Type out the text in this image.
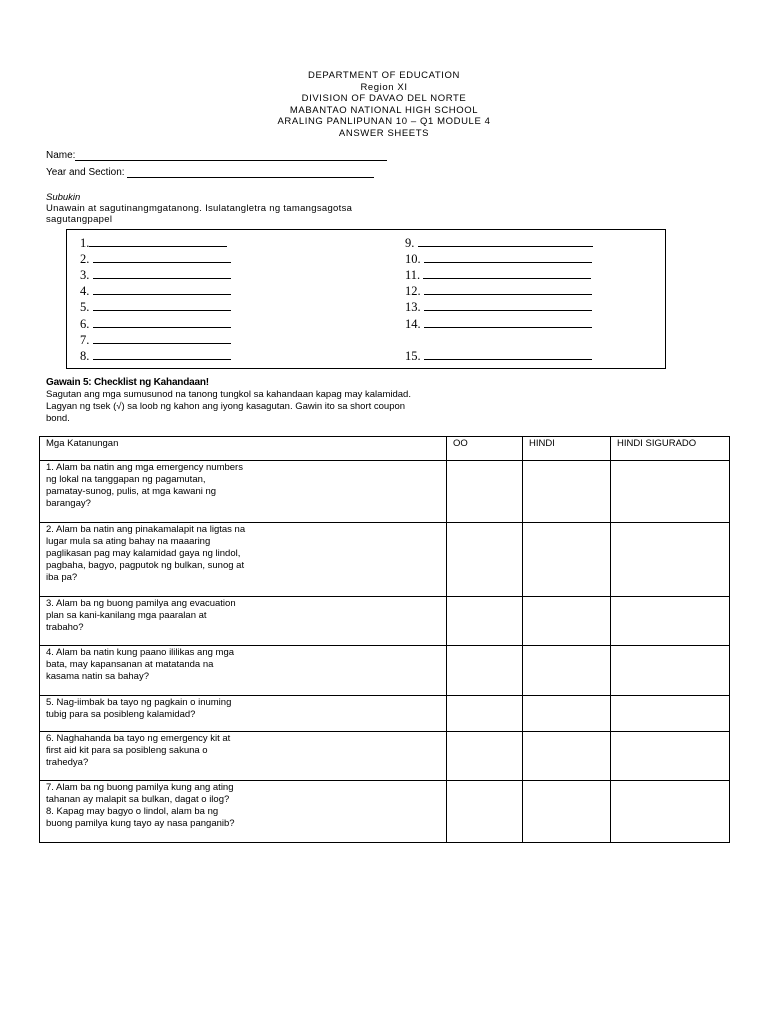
DEPARTMENT OF EDUCATION
Region XI
DIVISION OF DAVAO DEL NORTE
MABANTAO NATIONAL HIGH SCHOOL
ARALING PANLIPUNAN 10 – Q1 MODULE 4
ANSWER SHEETS
Name:
Year and Section:
Subukin
Unawain at sagutinangmgatanong. Isulatangletra ng tamangsagotsa sagutangpapel
1.
2.
3.
4.
5.
6.
7.
8.
9.
10.
11.
12.
13.
14.
15.
Gawain 5: Checklist ng Kahandaan!
Sagutan ang mga sumusunod na tanong tungkol sa kahandaan kapag may kalamidad.
Lagyan ng tsek (√) sa loob ng kahon ang iyong kasagutan. Gawin ito sa short coupon
bond.
Mga Katanungan	OO	HINDI	HINDI SIGURADO

1. Alam ba natin ang mga emergency numbers ng lokal na tanggapan ng pagamutan, pamatay-sunog, pulis, at mga kawani ng barangay?			

2. Alam ba natin ang pinakamalapit na ligtas na lugar mula sa ating bahay na maaaring paglikasan pag may kalamidad gaya ng lindol, pagbaha, bagyo, pagputok ng bulkan, sunog at iba pa?			

3. Alam ba ng buong pamilya ang evacuation plan sa kani-kanilang mga paaralan at trabaho?			

4. Alam ba natin kung paano ililikas ang mga bata, may kapansanan at matatanda na kasama natin sa bahay?			

5. Nag-iimbak ba tayo ng pagkain o inuming tubig para sa posibleng kalamidad?			

6. Naghahanda ba tayo ng emergency kit at first aid kit para sa posibleng sakuna o trahedya?			

7. Alam ba ng buong pamilya kung ang ating tahanan ay malapit sa bulkan, dagat o ilog?
8. Kapag may bagyo o lindol, alam ba ng buong pamilya kung tayo ay nasa panganib?			
